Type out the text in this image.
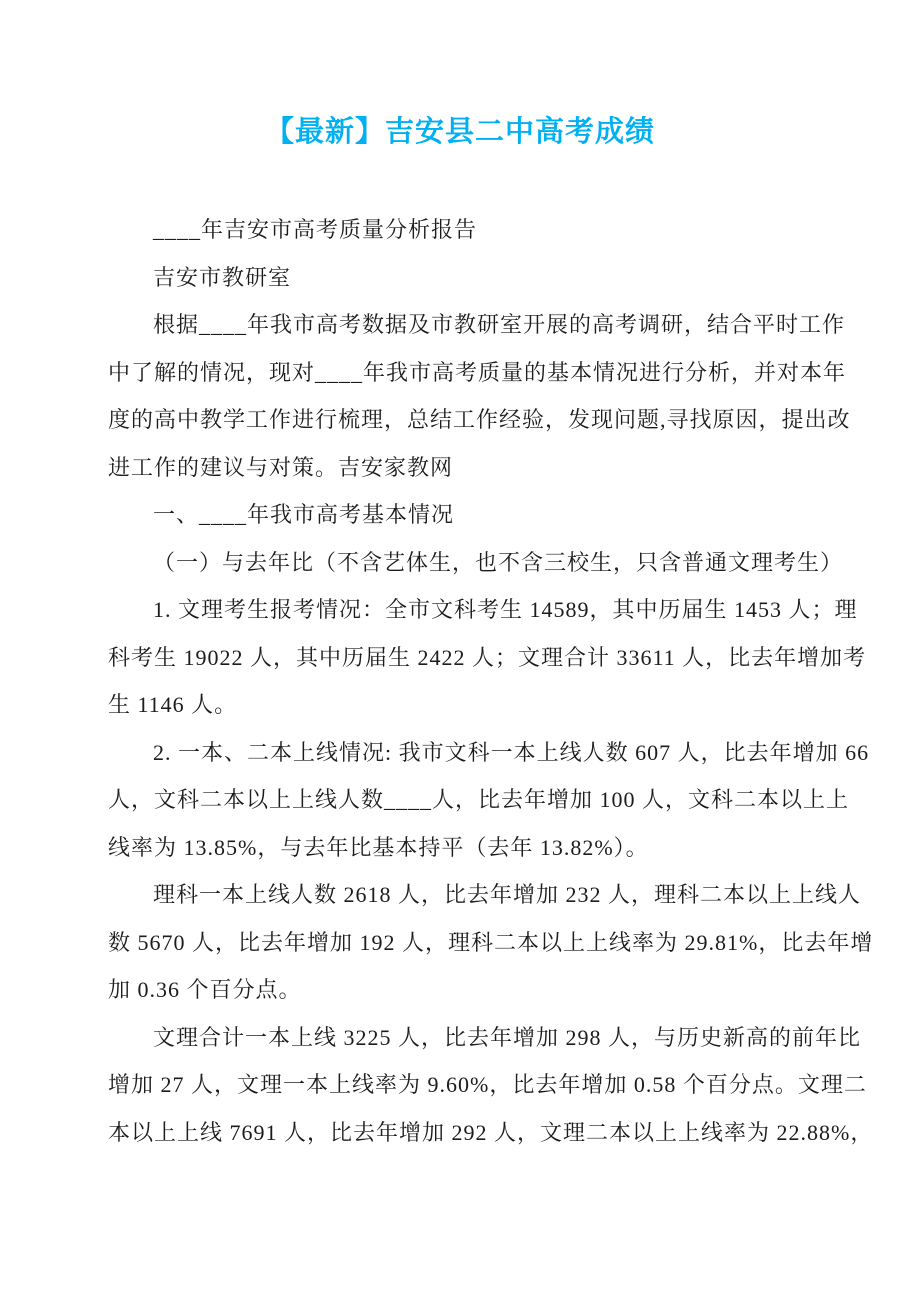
【最新】吉安县二中高考成绩
____年吉安市高考质量分析报告
吉安市教研室
根据____年我市高考数据及市教研室开展的高考调研，结合平时工作
中了解的情况，现对____年我市高考质量的基本情况进行分析，并对本年
度的高中教学工作进行梳理，总结工作经验，发现问题,寻找原因，提出改
进工作的建议与对策。吉安家教网
一、____年我市高考基本情况
（一）与去年比（不含艺体生，也不含三校生，只含普通文理考生）
1. 文理考生报考情况：全市文科考生 14589，其中历届生 1453 人；理
科考生 19022 人，其中历届生 2422 人；文理合计 33611 人，比去年增加考
生 1146 人。
2. 一本、二本上线情况: 我市文科一本上线人数 607 人，比去年增加 66
人，文科二本以上上线人数____人，比去年增加 100 人，文科二本以上上
线率为 13.85%，与去年比基本持平（去年 13.82%）。
理科一本上线人数 2618 人，比去年增加 232 人，理科二本以上上线人
数 5670 人，比去年增加 192 人，理科二本以上上线率为 29.81%，比去年增
加 0.36 个百分点。
文理合计一本上线 3225 人，比去年增加 298 人，与历史新高的前年比
增加 27 人，文理一本上线率为 9.60%，比去年增加 0.58 个百分点。文理二
本以上上线 7691 人，比去年增加 292 人，文理二本以上上线率为 22.88%，
